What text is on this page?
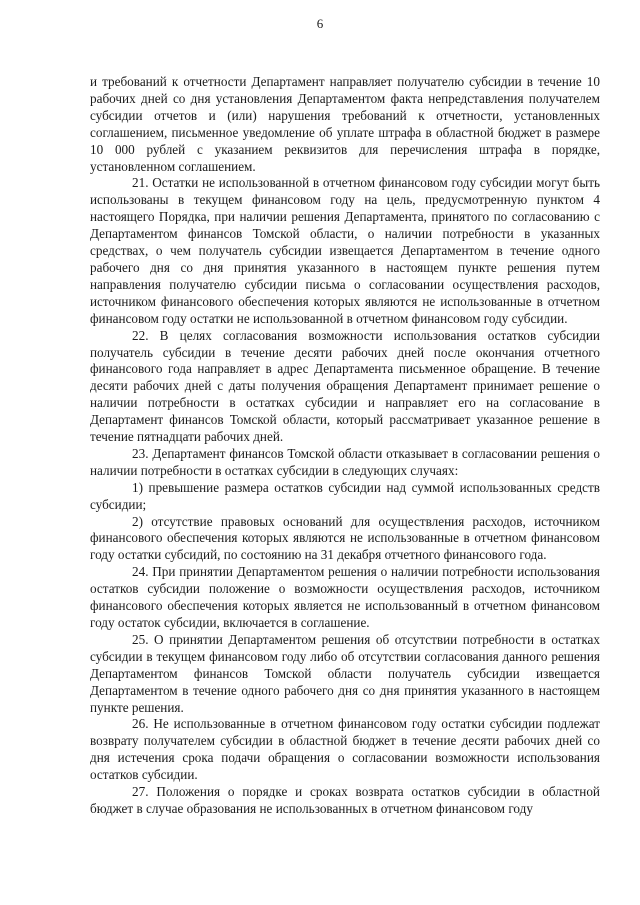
6

и требований к отчетности Департамент направляет получателю субсидии в течение 10 рабочих дней со дня установления Департаментом факта непредставления получателем субсидии отчетов и (или) нарушения требований к отчетности, установленных соглашением, письменное уведомление об уплате штрафа в областной бюджет в размере 10 000 рублей с указанием реквизитов для перечисления штрафа в порядке, установленном соглашением.

21. Остатки не использованной в отчетном финансовом году субсидии могут быть использованы в текущем финансовом году на цель, предусмотренную пунктом 4 настоящего Порядка, при наличии решения Департамента, принятого по согласованию с Департаментом финансов Томской области, о наличии потребности в указанных средствах, о чем получатель субсидии извещается Департаментом в течение одного рабочего дня со дня принятия указанного в настоящем пункте решения путем направления получателю субсидии письма о согласовании осуществления расходов, источником финансового обеспечения которых являются не использованные в отчетном финансовом году остатки не использованной в отчетном финансовом году субсидии.

22. В целях согласования возможности использования остатков субсидии получатель субсидии в течение десяти рабочих дней после окончания отчетного финансового года направляет в адрес Департамента письменное обращение. В течение десяти рабочих дней с даты получения обращения Департамент принимает решение о наличии потребности в остатках субсидии и направляет его на согласование в Департамент финансов Томской области, который рассматривает указанное решение в течение пятнадцати рабочих дней.

23. Департамент финансов Томской области отказывает в согласовании решения о наличии потребности в остатках субсидии в следующих случаях:

1) превышение размера остатков субсидии над суммой использованных средств субсидии;

2) отсутствие правовых оснований для осуществления расходов, источником финансового обеспечения которых являются не использованные в отчетном финансовом году остатки субсидий, по состоянию на 31 декабря отчетного финансового года.

24. При принятии Департаментом решения о наличии потребности использования остатков субсидии положение о возможности осуществления расходов, источником финансового обеспечения которых является не использованный в отчетном финансовом году остаток субсидии, включается в соглашение.

25. О принятии Департаментом решения об отсутствии потребности в остатках субсидии в текущем финансовом году либо об отсутствии согласования данного решения Департаментом финансов Томской области получатель субсидии извещается Департаментом в течение одного рабочего дня со дня принятия указанного в настоящем пункте решения.

26. Не использованные в отчетном финансовом году остатки субсидии подлежат возврату получателем субсидии в областной бюджет в течение десяти рабочих дней со дня истечения срока подачи обращения о согласовании возможности использования остатков субсидии.

27. Положения о порядке и сроках возврата остатков субсидии в областной бюджет в случае образования не использованных в отчетном финансовом году
